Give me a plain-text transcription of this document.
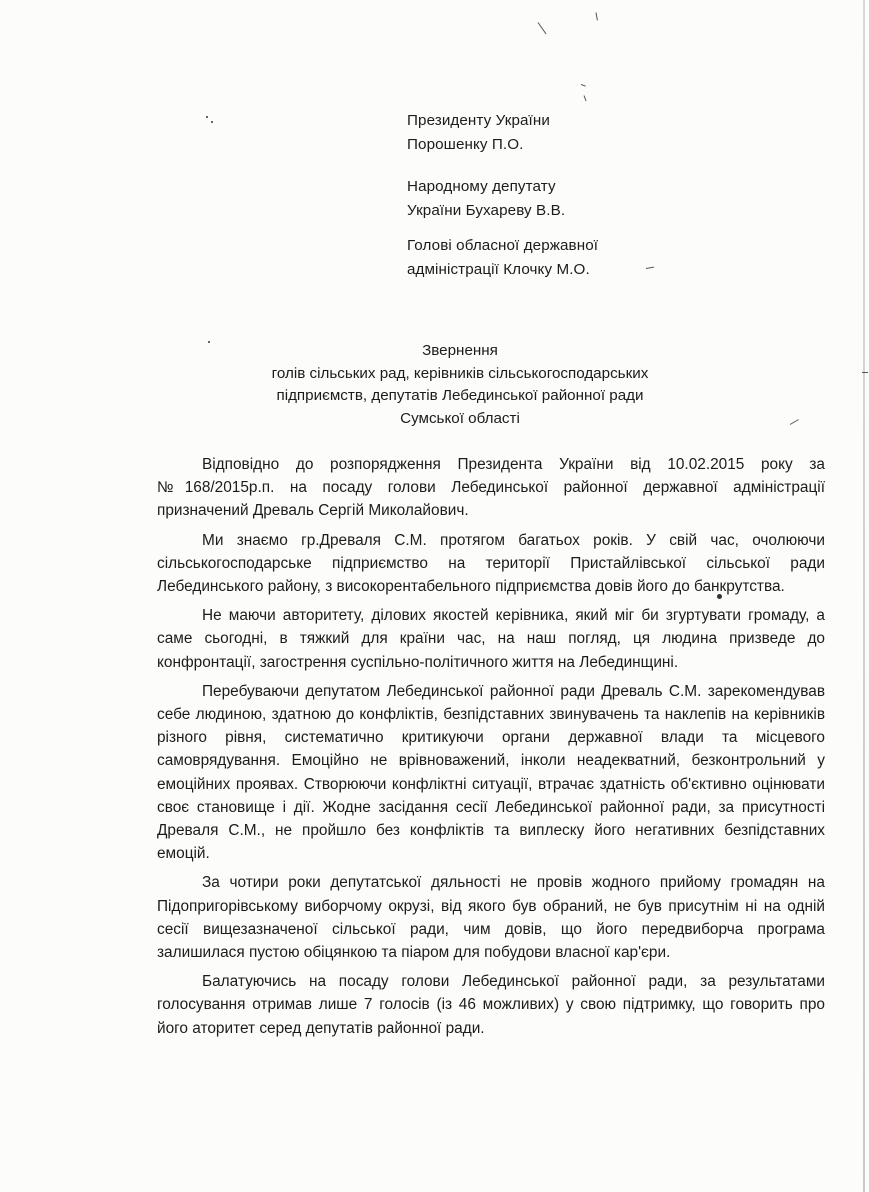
Президенту України
Порошенку П.О.
Народному депутату
України Бухареву В.В.
Голові обласної державної
адміністрації Клочку М.О.
Звернення
голів сільських рад, керівників сільськогосподарських
підприємств, депутатів Лебединської районної ради
Сумської області

Відповідно до розпорядження Президента України від 10.02.2015 року за №168/2015р.п. на посаду голови Лебединської районної державної адміністрації призначений Древаль Сергій Миколайович.

Ми знаємо гр.Древаля С.М. протягом багатьох років. У свій час, очолюючи сільськогосподарське підприємство на території Пристайлівської сільської ради Лебединського району, з високорентабельного підприємства довів його до банкрутства.

Не маючи авторитету, ділових якостей керівника, який міг би згуртувати громаду, а саме сьогодні, в тяжкий для країни час, на наш погляд, ця людина призведе до конфронтації, загострення суспільно-політичного життя на Лебединщині.

Перебуваючи депутатом Лебединської районної ради Древаль С.М. зарекомендував себе людиною, здатною до конфліктів, безпідставних звинувачень та наклепів на керівників різного рівня, систематично критикуючи органи державної влади та місцевого самоврядування. Емоційно не врівноважений, інколи неадекватний, безконтрольний у емоційних проявах. Створюючи конфліктні ситуації, втрачає здатність об'єктивно оцінювати своє становище і дії. Жодне засідання сесії Лебединської районної ради, за присутності Древаля С.М., не пройшло без конфліктів та виплеску його негативних безпідставних емоцій.

За чотири роки депутатської дяльності не провів жодного прийому громадян на Підопригорівському виборчому окрузі, від якого був обраний, не був присутнім ні на одній сесії вищезазначеної сільської ради, чим довів, що його передвиборча програма залишилася пустою обіцянкою та піаром для побудови власної кар'єри.

Балатуючись на посаду голови Лебединської районної ради, за результатами голосування отримав лише 7 голосів (із 46 можливих) у свою підтримку, що говорить про його аторитет серед депутатів районної ради.
